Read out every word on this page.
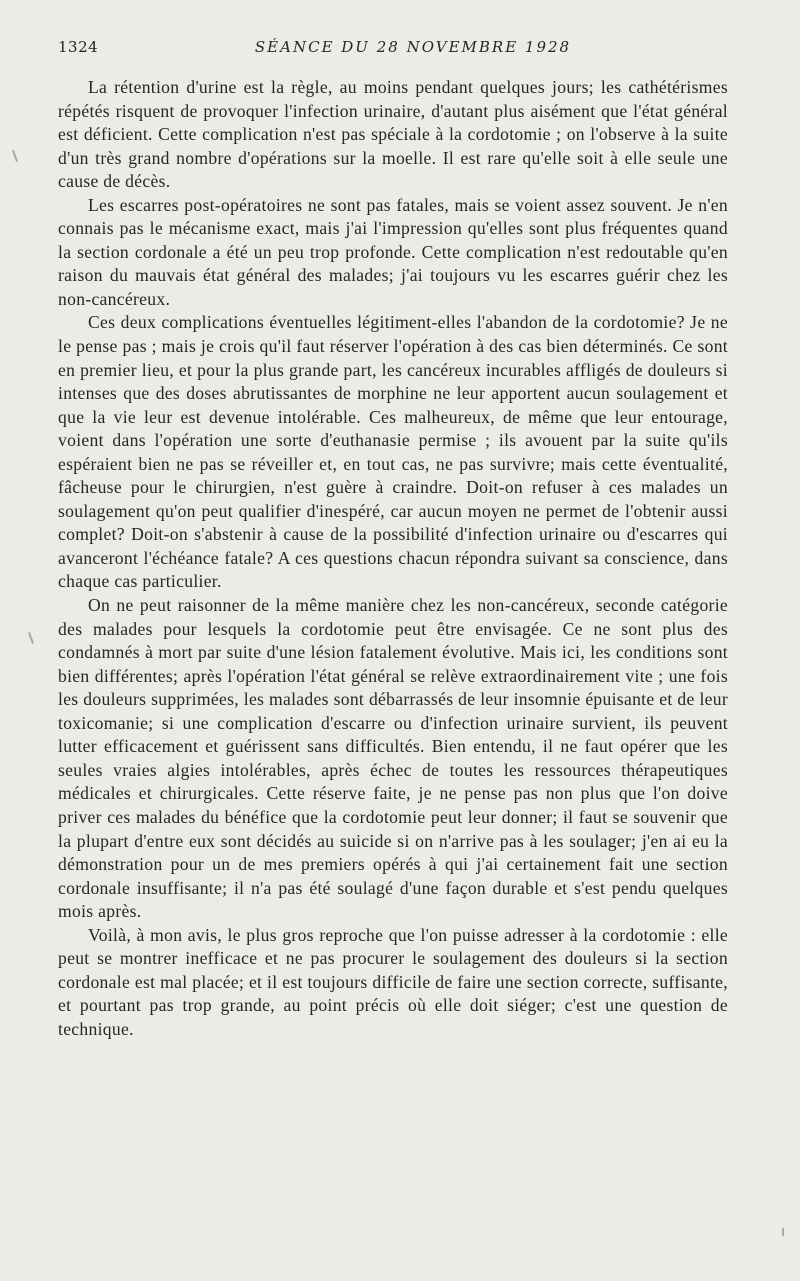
1324	SÉANCE DU 28 NOVEMBRE 1928

La rétention d'urine est la règle, au moins pendant quelques jours; les cathétérismes répétés risquent de provoquer l'infection urinaire, d'autant plus aisément que l'état général est déficient. Cette complication n'est pas spéciale à la cordotomie ; on l'observe à la suite d'un très grand nombre d'opérations sur la moelle. Il est rare qu'elle soit à elle seule une cause de décès.

Les escarres post-opératoires ne sont pas fatales, mais se voient assez souvent. Je n'en connais pas le mécanisme exact, mais j'ai l'impression qu'elles sont plus fréquentes quand la section cordonale a été un peu trop profonde. Cette complication n'est redoutable qu'en raison du mauvais état général des malades; j'ai toujours vu les escarres guérir chez les non-cancéreux.

Ces deux complications éventuelles légitiment-elles l'abandon de la cordotomie? Je ne le pense pas ; mais je crois qu'il faut réserver l'opération à des cas bien déterminés. Ce sont en premier lieu, et pour la plus grande part, les cancéreux incurables affligés de douleurs si intenses que des doses abrutissantes de morphine ne leur apportent aucun soulagement et que la vie leur est devenue intolérable. Ces malheureux, de même que leur entourage, voient dans l'opération une sorte d'euthanasie permise ; ils avouent par la suite qu'ils espéraient bien ne pas se réveiller et, en tout cas, ne pas survivre; mais cette éventualité, fâcheuse pour le chirurgien, n'est guère à craindre. Doit-on refuser à ces malades un soulagement qu'on peut qualifier d'inespéré, car aucun moyen ne permet de l'obtenir aussi complet? Doit-on s'abstenir à cause de la possibilité d'infection urinaire ou d'escarres qui avanceront l'échéance fatale? A ces questions chacun répondra suivant sa conscience, dans chaque cas particulier.

On ne peut raisonner de la même manière chez les non-cancéreux, seconde catégorie des malades pour lesquels la cordotomie peut être envisagée. Ce ne sont plus des condamnés à mort par suite d'une lésion fatalement évolutive. Mais ici, les conditions sont bien différentes; après l'opération l'état général se relève extraordinairement vite ; une fois les douleurs supprimées, les malades sont débarrassés de leur insomnie épuisante et de leur toxicomanie; si une complication d'escarre ou d'infection urinaire survient, ils peuvent lutter efficacement et guérissent sans difficultés. Bien entendu, il ne faut opérer que les seules vraies algies intolérables, après échec de toutes les ressources thérapeutiques médicales et chirurgicales. Cette réserve faite, je ne pense pas non plus que l'on doive priver ces malades du bénéfice que la cordotomie peut leur donner; il faut se souvenir que la plupart d'entre eux sont décidés au suicide si on n'arrive pas à les soulager; j'en ai eu la démonstration pour un de mes premiers opérés à qui j'ai certainement fait une section cordonale insuffisante; il n'a pas été soulagé d'une façon durable et s'est pendu quelques mois après.

Voilà, à mon avis, le plus gros reproche que l'on puisse adresser à la cordotomie : elle peut se montrer inefficace et ne pas procurer le soulagement des douleurs si la section cordonale est mal placée; et il est toujours difficile de faire une section correcte, suffisante, et pourtant pas trop grande, au point précis où elle doit siéger; c'est une question de technique.
